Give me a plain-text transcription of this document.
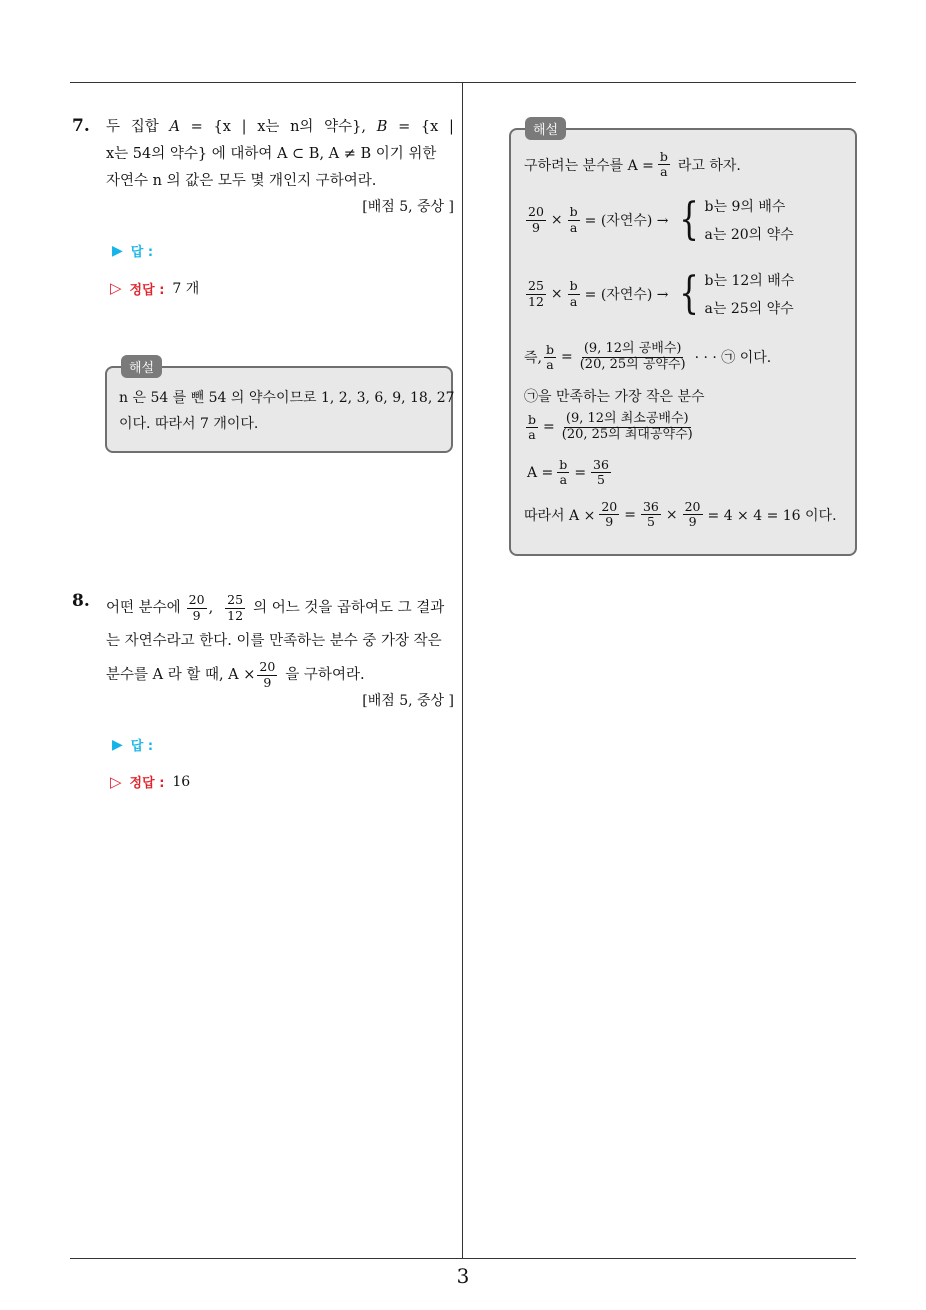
7. 두 집합 A = {x | x는 n의 약수}, B = {x |
x는 54의 약수} 에 대하여 A ⊂ B, A ≠ B 이기 위한
자연수 n 의 값은 모두 몇 개인지 구하여라.
[배점 5, 중상 ]
▶ 답 :
▷ 정답 : 7 개
해설
n 은 54 를 뺀 54 의 약수이므로 1, 2, 3, 6, 9, 18, 27
이다. 따라서 7 개이다.
8. 어떤 분수에 $\frac{20}{9}$ , $\frac{25}{12}$ 의 어느 것을 곱하여도 그 결과
는 자연수라고 한다. 이를 만족하는 분수 중 가장 작은
분수를 A 라 할 때, $A \times \frac{20}{9}$ 을 구하여라.
[배점 5, 중상 ]
▶ 답 :
▷ 정답 : 16
해설
구하려는 분수를 $A = \frac{b}{a}$ 라고 하자.
$\frac{20}{9} \times \frac{b}{a}$ = (자연수) → { b는 9의 배수
a는 20의 약수
$\frac{25}{12} \times \frac{b}{a}$ = (자연수) → { b는 12의 배수
a는 25의 약수
즉, $\frac{b}{a} = \frac{\text{(9, 12의 공배수)}}{\text{(20, 25의 공약수)}}$ · · · ㉠ 이다.
㉠을 만족하는 가장 작은 분수
$\frac{b}{a} = \frac{\text{(9, 12의 최소공배수)}}{\text{(20, 25의 최대공약수)}}$
$A = \frac{b}{a} = \frac{36}{5}$
따라서 $A \times \frac{20}{9} = \frac{36}{5} \times \frac{20}{9} = 4 \times 4 = 16$ 이다.
3
